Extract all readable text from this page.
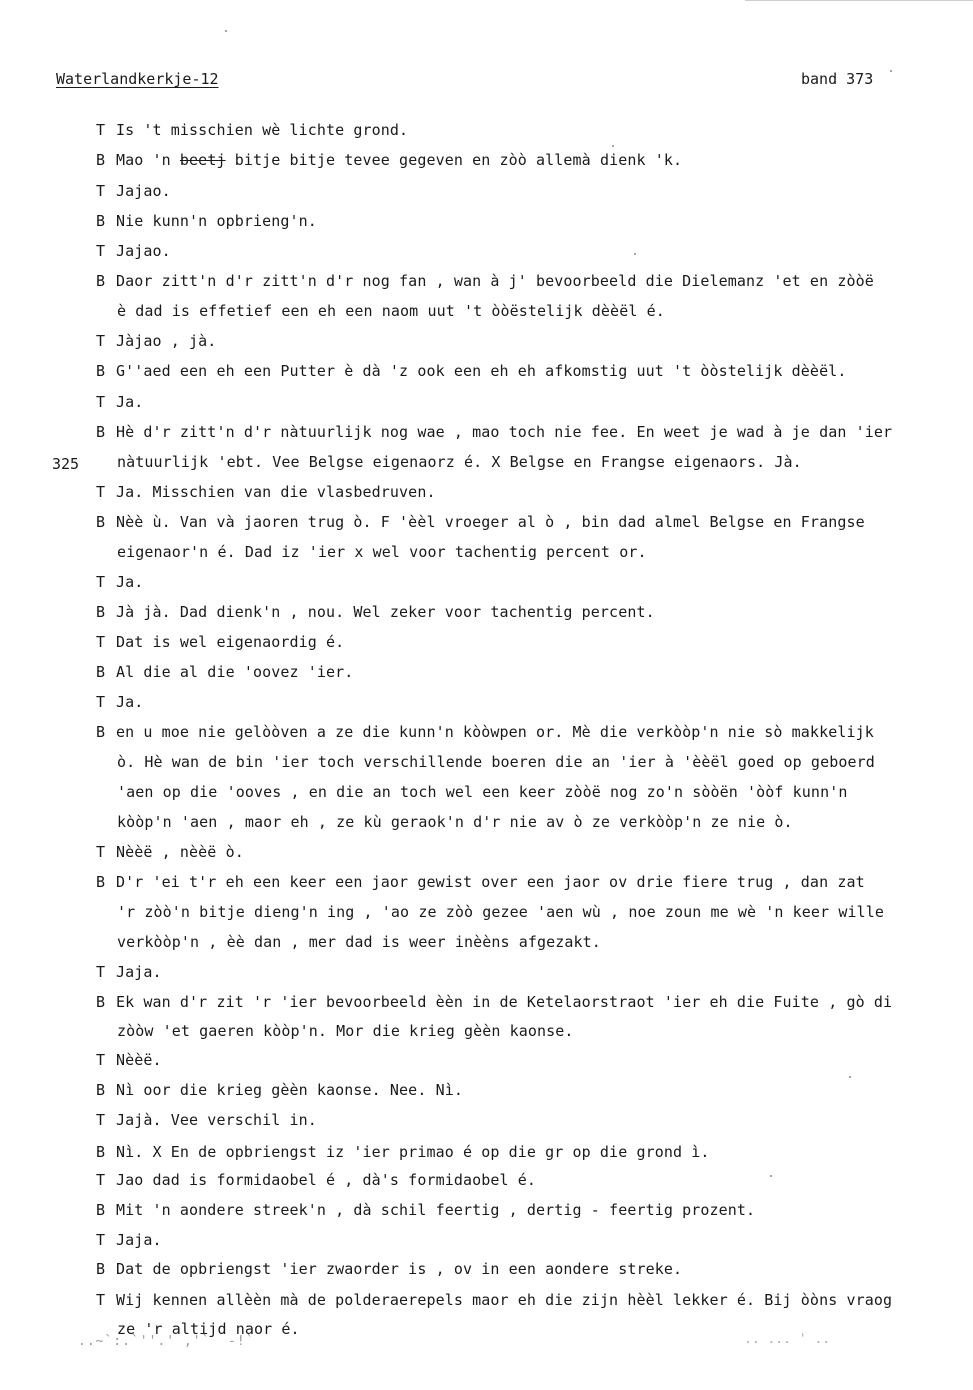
Waterlandkerkje-12	band 373
325
T Is 't misschien wè lichte grond.
B Mao 'n beetj bitje bitje tevee gegeven en zòò allemà dienk 'k.
T Jajao.
B Nie kunn'n opbrieng'n.
T Jajao.
B Daor zitt'n d'r zitt'n d'r nog fan , wan à j' bevoorbeeld die Dielemanz 'et en zòòë
è dad is effetief een eh een naom uut 't òòëstelijk dèèël é.
T Jàjao , jà.
B G''aed een eh een Putter è dà 'z ook een eh eh afkomstig uut 't òòstelijk dèèël.
T Ja.
B Hè d'r zitt'n d'r nàtuurlijk nog wae , mao toch nie fee. En weet je wad à je dan 'ier
nàtuurlijk 'ebt. Vee Belgse eigenaorz é. X Belgse en Frangse eigenaors. Jà.
T Ja. Misschien van die vlasbedruven.
B Nèè ù. Van và jaoren trug ò. F 'èèl vroeger al ò , bin dad almel Belgse en Frangse
eigenaor'n é. Dad iz 'ier x wel voor tachentig percent or.
T Ja.
B Jà jà. Dad dienk'n , nou. Wel zeker voor tachentig percent.
T Dat is wel eigenaordig é.
B Al die al die 'oovez 'ier.
T Ja.
B en u moe nie gelòòven a ze die kunn'n kòòwpen or. Mè die verkòòp'n nie sò makkelijk
ò. Hè wan de bin 'ier toch verschillende boeren die an 'ier à 'èèël goed op geboerd
'aen op die 'ooves , en die an toch wel een keer zòòë nog zo'n sòòën 'òòf kunn'n
kòòp'n 'aen , maor eh , ze kù geraok'n d'r nie av ò ze verkòòp'n ze nie ò.
T Nèèë , nèèë ò.
B D'r 'ei t'r eh een keer een jaor gewist over een jaor ov drie fiere trug , dan zat
'r zòò'n bitje dieng'n ing , 'ao ze zòò gezee 'aen wù , noe zoun me wè 'n keer wille
verkòòp'n , èè dan , mer dad is weer inèèns afgezakt.
T Jaja.
B Ek wan d'r zit 'r 'ier bevoorbeeld èèn in de Ketelaorstraot 'ier eh die Fuite , gò di
zòòw 'et gaeren kòòp'n. Mor die krieg gèèn kaonse.
T Nèèë.
B Nì oor die krieg gèèn kaonse. Nee. Nì.
T Jajà. Vee verschil in.
B Nì. X En de opbriengst iz 'ier primao é op die gr op die grond ì.
T Jao dad is formidaobel é , dà's formidaobel é.
B Mit 'n aondere streek'n , dà schil feertig , dertig - feertig prozent.
T Jaja.
B Dat de opbriengst 'ier zwaorder is , ov in een aondere streke.
T Wij kennen allèèn mà de polderaerepels maor eh die zijn hèèl lekker é. Bij òòns vraog
ze 'r altijd naor é.
..~`:.`''.' ,'`  -!`	.. ... ' ..
